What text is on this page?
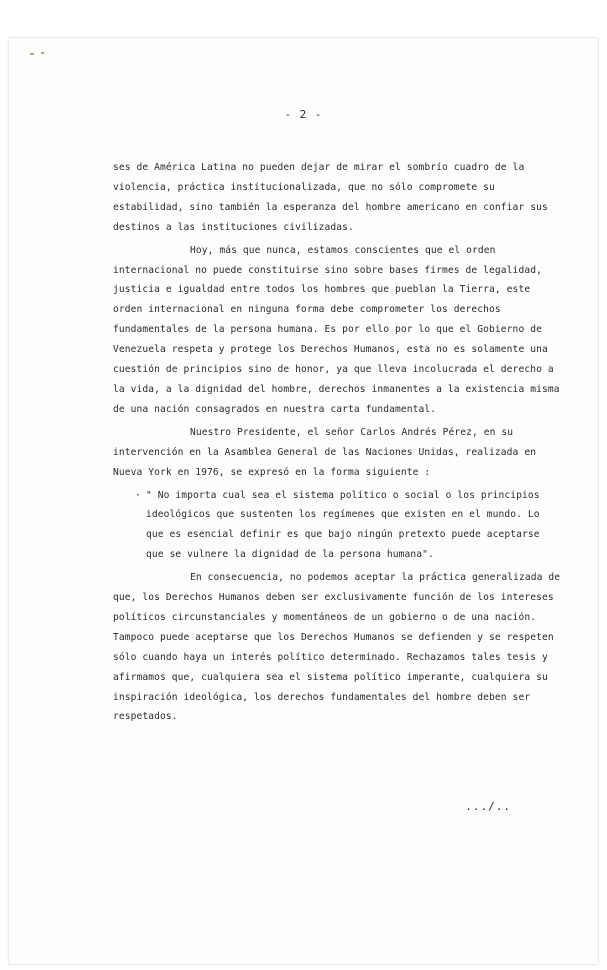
- 2 -

ses de América Latina no pueden dejar de mirar el sombrío cuadro de la violencia, práctica institucionalizada, que no sólo compromete su estabilidad, sino también la esperanza del hombre americano en confiar sus destinos a las instituciones civilizadas.

Hoy, más que nunca, estamos conscientes que el orden internacional no puede constituirse sino sobre bases firmes de legalidad, justicia e igualdad entre todos los hombres que pueblan la Tierra, este orden internacional en ninguna forma debe comprometer los derechos fundamentales de la persona humana. Es por ello por lo que el Gobierno de Venezuela respeta y protege los Derechos Humanos, esta no es solamente una cuestión de principios sino de honor, ya que lleva incolucrada el derecho a la vida, a la dignidad del hombre, derechos inmanentes a la existencia misma de una nación consagrados en nuestra carta fundamental.

Nuestro Presidente, el señor Carlos Andrés Pérez, en su intervención en la Asamblea General de las Naciones Unidas, realizada en Nueva York en 1976, se expresó en la forma siguiente :

· " No importa cual sea el sistema político o social o los principios ideológicos que sustenten los regímenes que existen en el mundo. Lo que es esencial definir es que bajo ningún pretexto puede aceptarse que se vulnere la dignidad de la persona humana".

En consecuencia, no podemos aceptar la práctica generalizada de que, los Derechos Humanos deben ser exclusivamente función de los intereses políticos circunstanciales y momentáneos de un gobierno o de una nación. Tampoco puede aceptarse que los Derechos Humanos se defienden y se respeten sólo cuando haya un interés político determinado. Rechazamos tales tesis y afirmamos que, cualquiera sea el sistema político imperante, cualquiera su inspiración ideológica, los derechos fundamentales del hombre deben ser respetados.

.../..
